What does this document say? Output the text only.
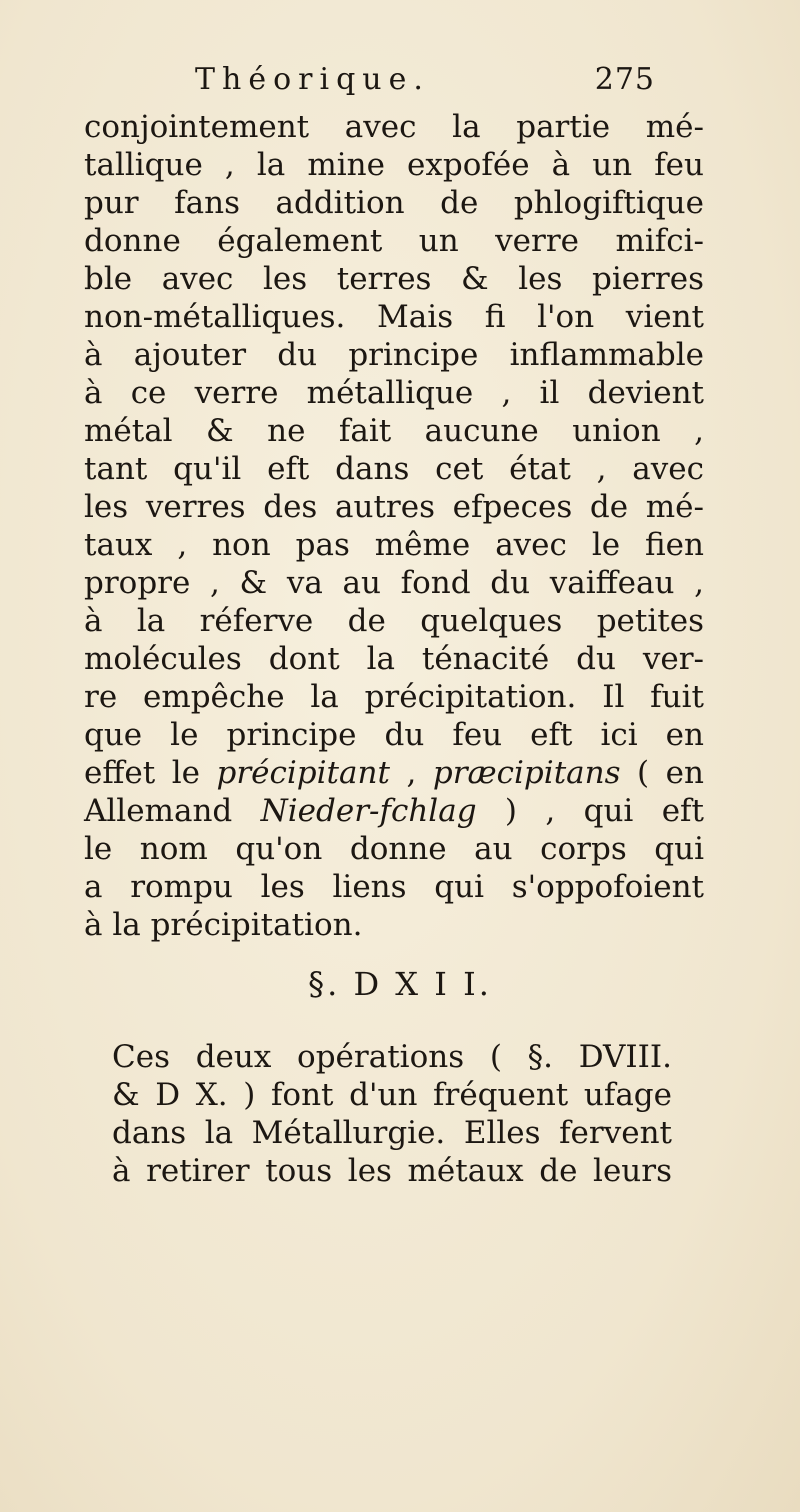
Théorique.	275
conjointement avec la partie mé-
tallique , la mine expofée à un feu
pur fans addition de phlogiftique
donne également un verre mifci-
ble avec les terres & les pierres
non-métalliques. Mais fi l'on vient
à ajouter du principe inflammable
à ce verre métallique , il devient
métal & ne fait aucune union ,
tant qu'il eft dans cet état , avec
les verres des autres efpeces de mé-
taux , non pas même avec le fien
propre , & va au fond du vaiffeau ,
à la réferve de quelques petites
molécules dont la ténacité du ver-
re empêche la précipitation. Il fuit
que le principe du feu eft ici en
effet le précipitant , præcipitans ( en
Allemand Nieder-fchlag ) , qui eft
le nom qu'on donne au corps qui
a rompu les liens qui s'oppofoient
à la précipitation.
§. D X I I.
Ces deux opérations ( §. DVIII.
& D X. ) font d'un fréquent ufage
dans la Métallurgie. Elles fervent
à retirer tous les métaux de leurs
